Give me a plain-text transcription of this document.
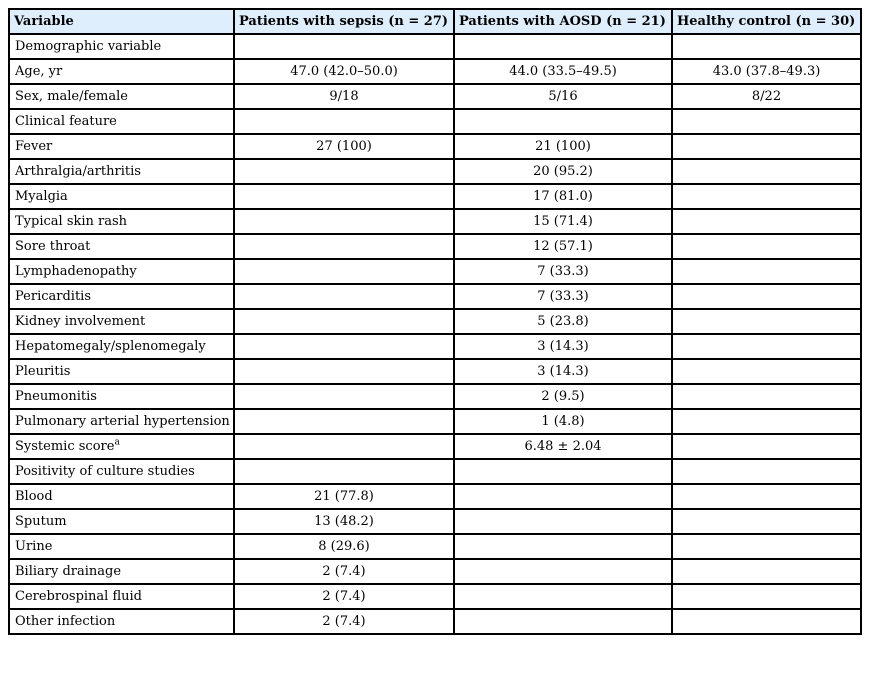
Variable	Patients with sepsis (n = 27)	Patients with AOSD (n = 21)	Healthy control (n = 30)
Demographic variable			
Age, yr	47.0 (42.0–50.0)	44.0 (33.5–49.5)	43.0 (37.8–49.3)
Sex, male/female	9/18	5/16	8/22
Clinical feature			
Fever	27 (100)	21 (100)	
Arthralgia/arthritis		20 (95.2)	
Myalgia		17 (81.0)	
Typical skin rash		15 (71.4)	
Sore throat		12 (57.1)	
Lymphadenopathy		7 (33.3)	
Pericarditis		7 (33.3)	
Kidney involvement		5 (23.8)	
Hepatomegaly/splenomegaly		3 (14.3)	
Pleuritis		3 (14.3)	
Pneumonitis		2 (9.5)	
Pulmonary arterial hypertension		1 (4.8)	
Systemic score$^a$		6.48 ± 2.04	
Positivity of culture studies			
Blood	21 (77.8)		
Sputum	13 (48.2)		
Urine	8 (29.6)		
Biliary drainage	2 (7.4)		
Cerebrospinal fluid	2 (7.4)		
Other infection	2 (7.4)		
